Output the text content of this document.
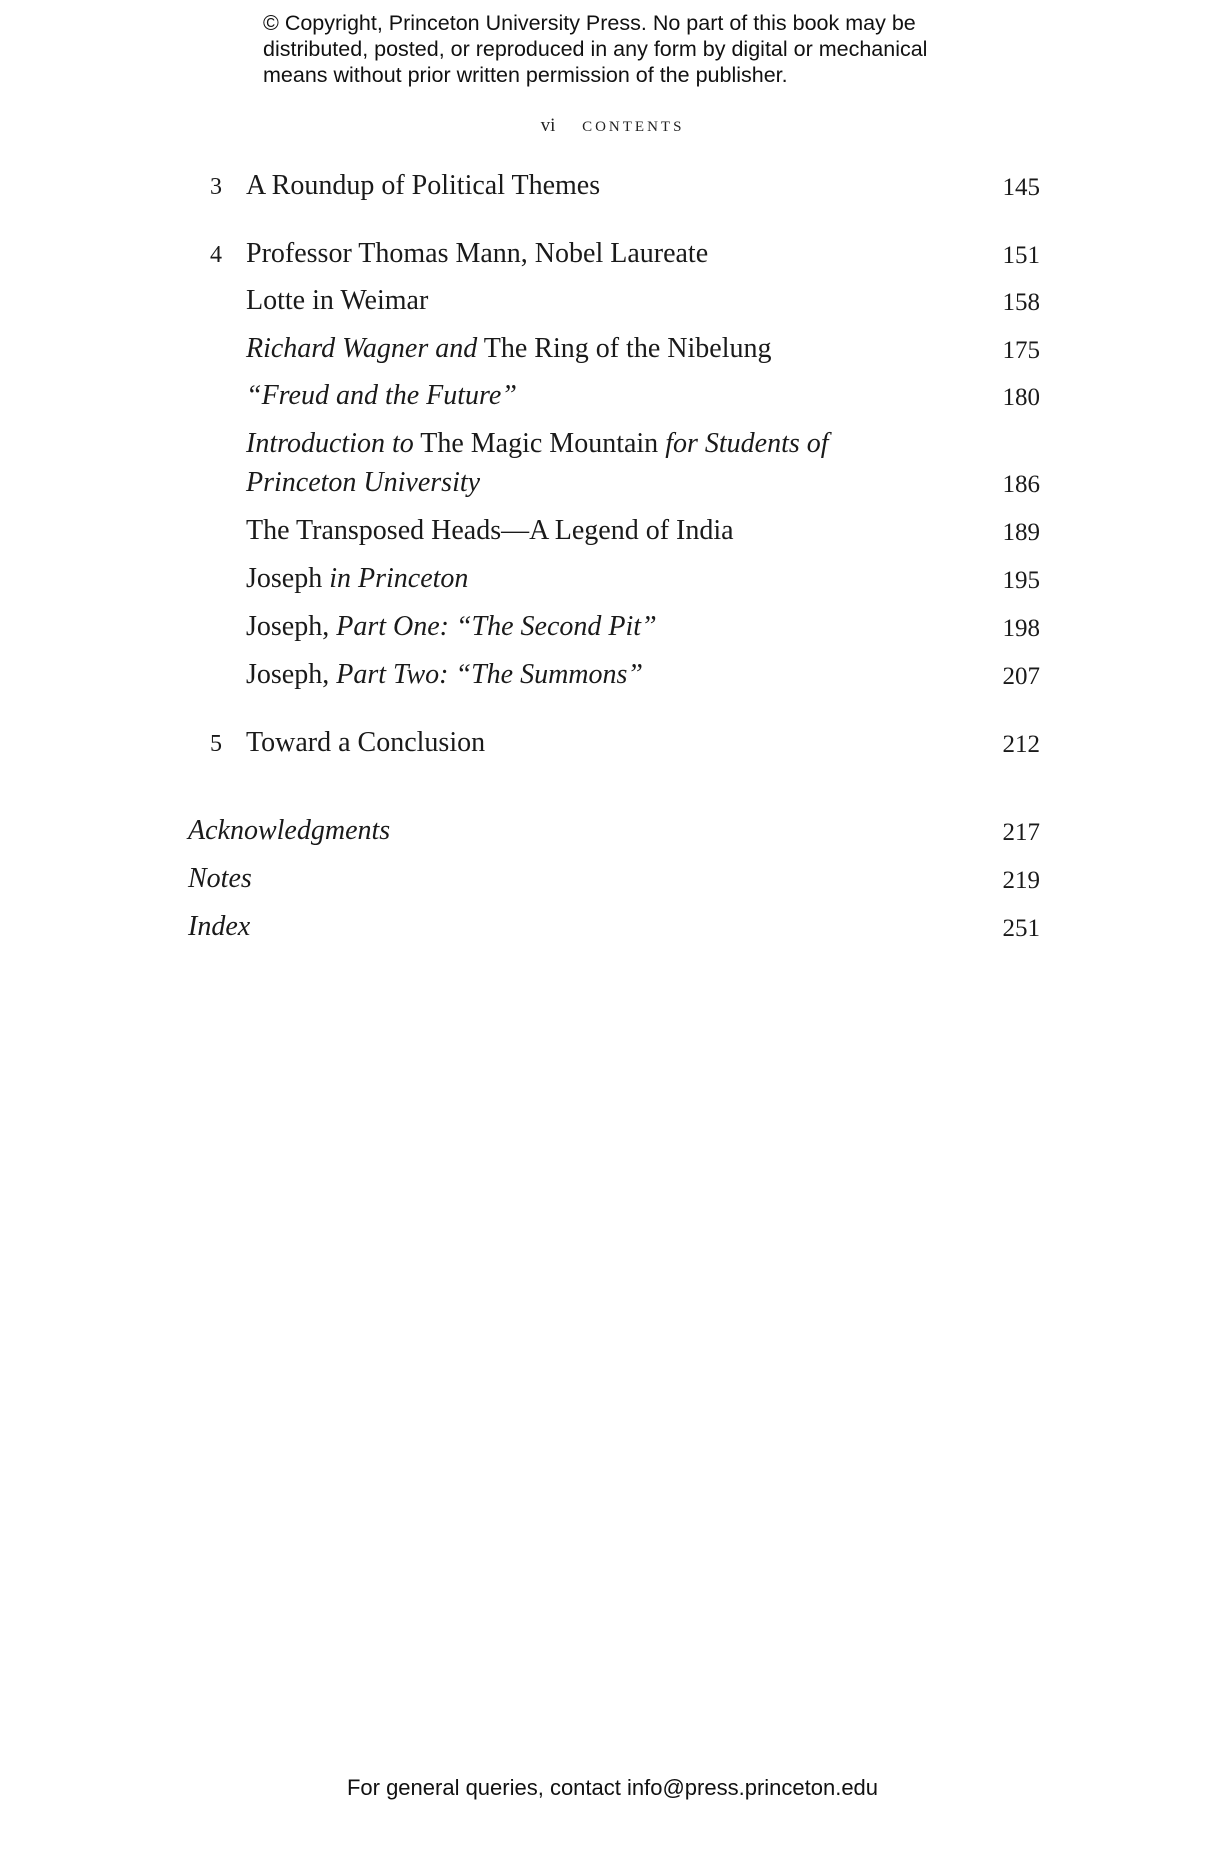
© Copyright, Princeton University Press. No part of this book may be
distributed, posted, or reproduced in any form by digital or mechanical
means without prior written permission of the publisher.
vi contents
3 A Roundup of Political Themes	145
4 Professor Thomas Mann, Nobel Laureate	151
Lotte in Weimar	158
Richard Wagner and The Ring of the Nibelung	175
“Freud and the Future”	180
Introduction to The Magic Mountain for Students of
Princeton University	186
The Transposed Heads—A Legend of India	189
Joseph in Princeton	195
Joseph, Part One: “The Second Pit”	198
Joseph, Part Two: “The Summons”	207
5 Toward a Conclusion	212
Acknowledgments	217
Notes	219
Index	251
For general queries, contact info@press.princeton.edu
